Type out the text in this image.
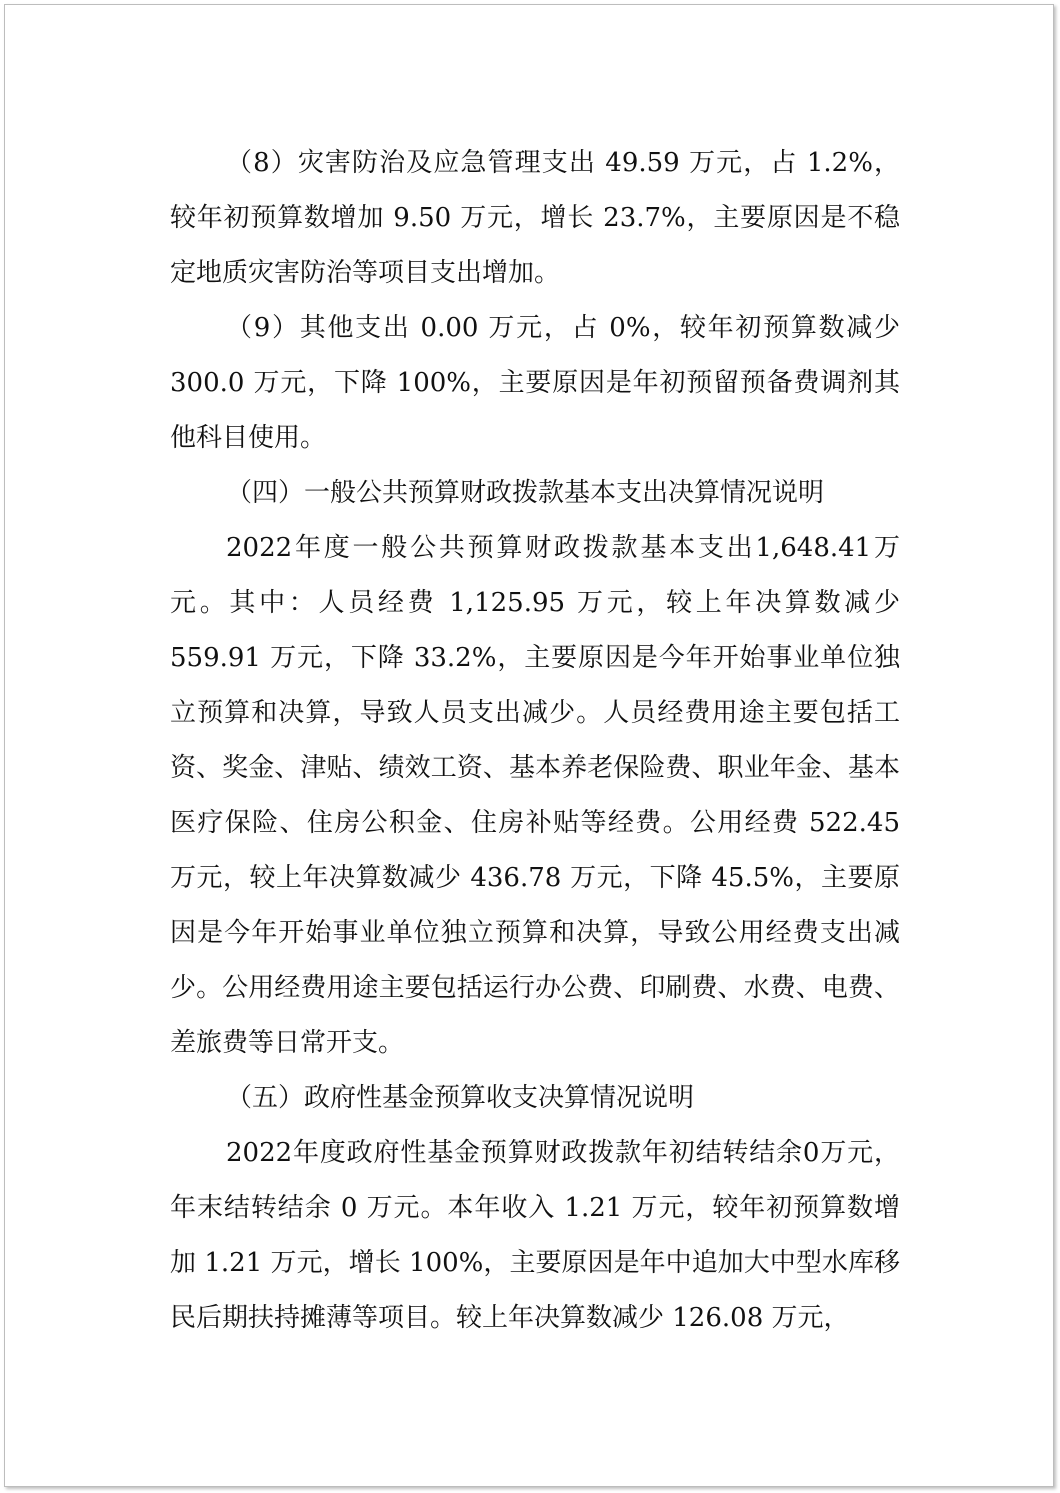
（8）灾害防治及应急管理支出 49.59 万元，占 1.2%，较年初预算数增加 9.50 万元，增长 23.7%，主要原因是不稳定地质灾害防治等项目支出增加。

（9）其他支出 0.00 万元，占 0%，较年初预算数减少 300.0 万元，下降 100%，主要原因是年初预留预备费调剂其他科目使用。

（四）一般公共预算财政拨款基本支出决算情况说明

2022年度一般公共预算财政拨款基本支出1,648.41万元。其中：人员经费 1,125.95 万元，较上年决算数减少 559.91 万元，下降 33.2%，主要原因是今年开始事业单位独立预算和决算，导致人员支出减少。人员经费用途主要包括工资、奖金、津贴、绩效工资、基本养老保险费、职业年金、基本医疗保险、住房公积金、住房补贴等经费。公用经费 522.45 万元，较上年决算数减少 436.78 万元，下降 45.5%，主要原因是今年开始事业单位独立预算和决算，导致公用经费支出减少。公用经费用途主要包括运行办公费、印刷费、水费、电费、差旅费等日常开支。

（五）政府性基金预算收支决算情况说明

2022年度政府性基金预算财政拨款年初结转结余0万元，年末结转结余 0 万元。本年收入 1.21 万元，较年初预算数增加 1.21 万元，增长 100%，主要原因是年中追加大中型水库移民后期扶持摊薄等项目。较上年决算数减少 126.08 万元，
